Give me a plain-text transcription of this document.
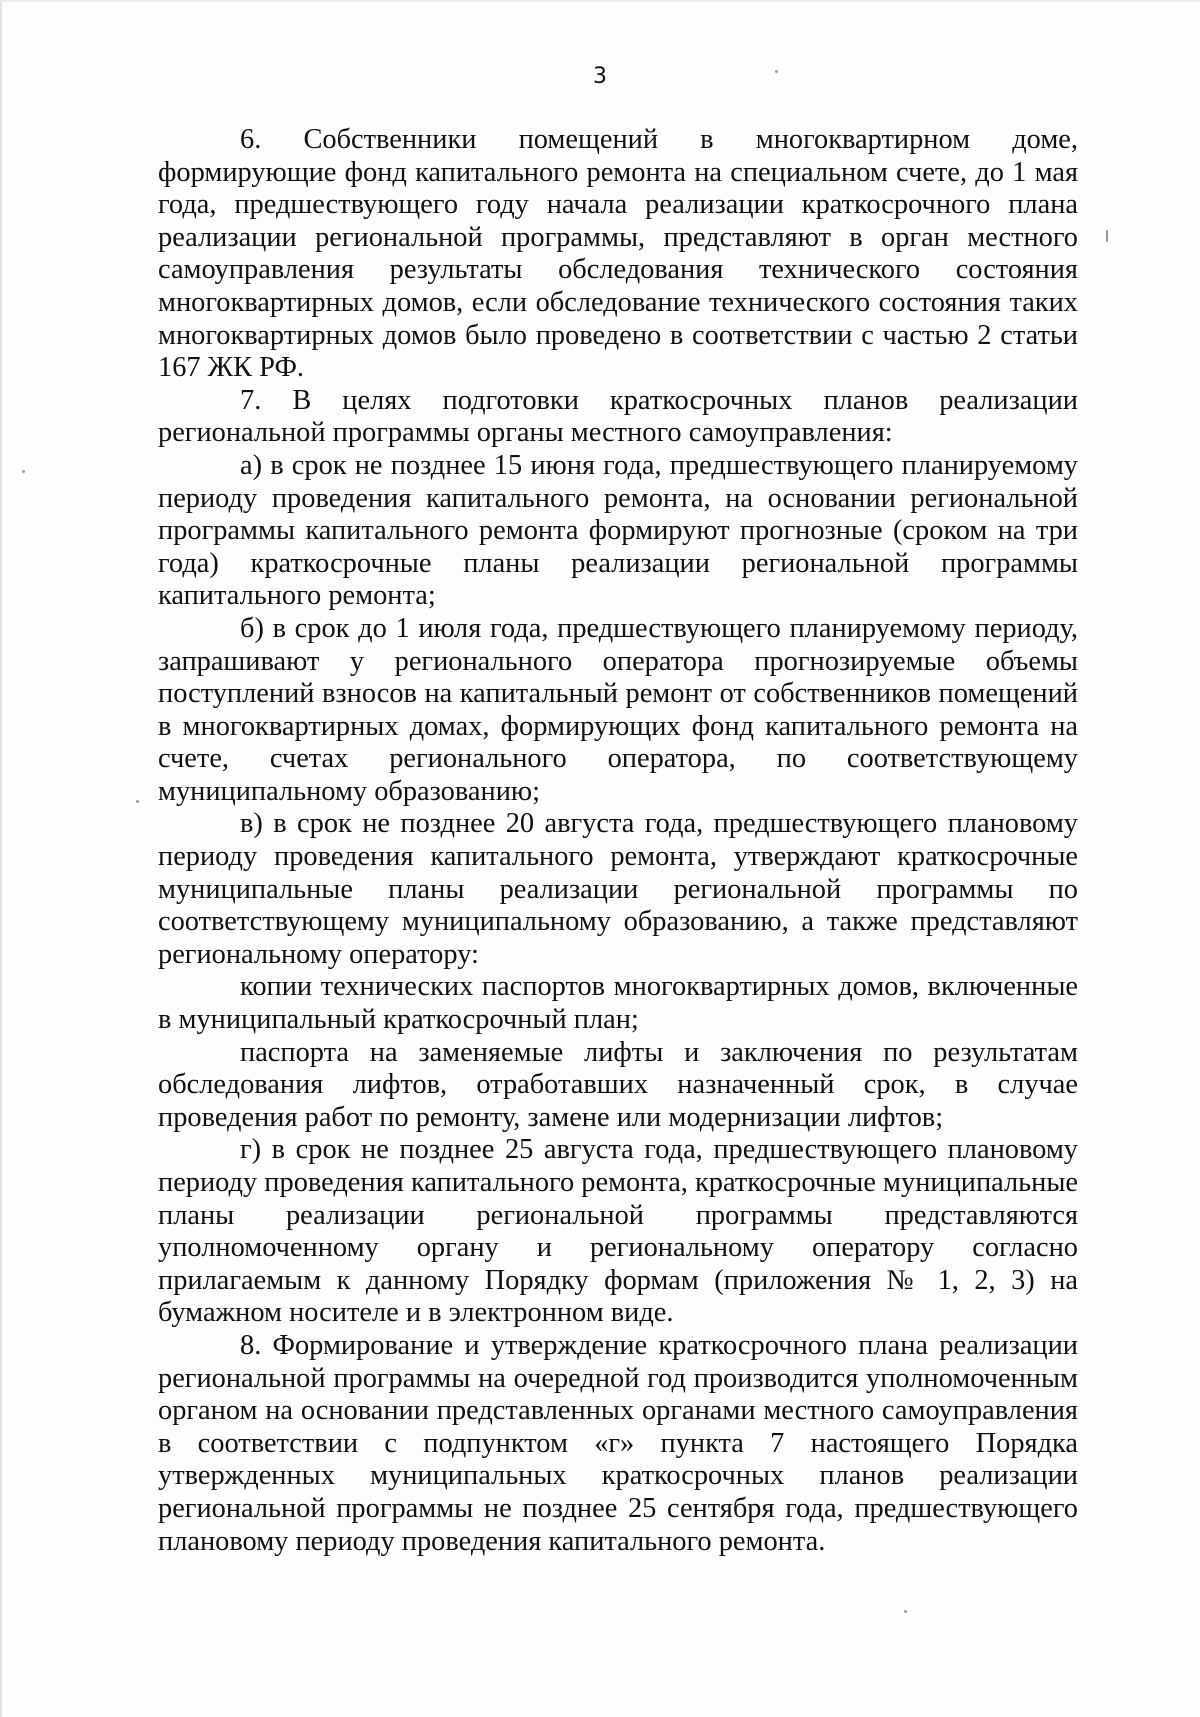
3

6. Собственники помещений в многоквартирном доме, формирующие фонд капитального ремонта на специальном счете, до 1 мая года, предшествующего году начала реализации краткосрочного плана реализации региональной программы, представляют в орган местного самоуправления результаты обследования технического состояния многоквартирных домов, если обследование технического состояния таких многоквартирных домов было проведено в соответствии с частью 2 статьи 167 ЖК РФ.

7. В целях подготовки краткосрочных планов реализации региональной программы органы местного самоуправления:

а) в срок не позднее 15 июня года, предшествующего планируемому периоду проведения капитального ремонта, на основании региональной программы капитального ремонта формируют прогнозные (сроком на три года) краткосрочные планы реализации региональной программы капитального ремонта;

б) в срок до 1 июля года, предшествующего планируемому периоду, запрашивают у регионального оператора прогнозируемые объемы поступлений взносов на капитальный ремонт от собственников помещений в многоквартирных домах, формирующих фонд капитального ремонта на счете, счетах регионального оператора, по соответствующему муниципальному образованию;

в) в срок не позднее 20 августа года, предшествующего плановому периоду проведения капитального ремонта, утверждают краткосрочные муниципальные планы реализации региональной программы по соответствующему муниципальному образованию, а также представляют региональному оператору:

копии технических паспортов многоквартирных домов, включенные в муниципальный краткосрочный план;

паспорта на заменяемые лифты и заключения по результатам обследования лифтов, отработавших назначенный срок, в случае проведения работ по ремонту, замене или модернизации лифтов;

г) в срок не позднее 25 августа года, предшествующего плановому периоду проведения капитального ремонта, краткосрочные муниципальные планы реализации региональной программы представляются уполномоченному органу и региональному оператору согласно прилагаемым к данному Порядку формам (приложения № 1, 2, 3) на бумажном носителе и в электронном виде.

8. Формирование и утверждение краткосрочного плана реализации региональной программы на очередной год производится уполномоченным органом на основании представленных органами местного самоуправления в соответствии с подпунктом «г» пункта 7 настоящего Порядка утвержденных муниципальных краткосрочных планов реализации региональной программы не позднее 25 сентября года, предшествующего плановому периоду проведения капитального ремонта.
